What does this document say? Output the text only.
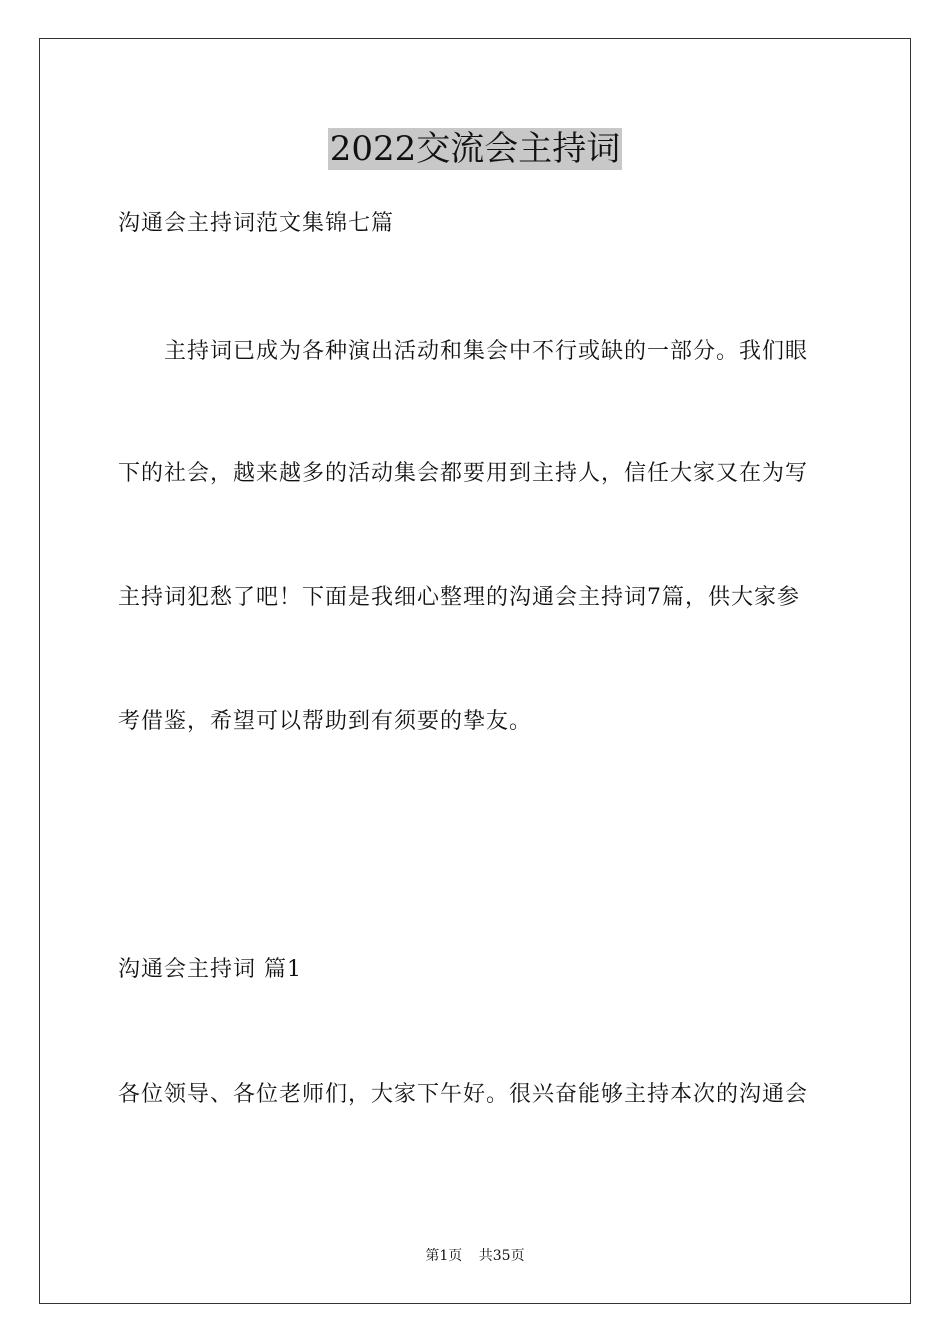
2022交流会主持词
沟通会主持词范文集锦七篇
主持词已成为各种演出活动和集会中不行或缺的一部分。我们眼
下的社会，越来越多的活动集会都要用到主持人，信任大家又在为写
主持词犯愁了吧！下面是我细心整理的沟通会主持词7篇，供大家参
考借鉴，希望可以帮助到有须要的挚友。
沟通会主持词 篇1
各位领导、各位老师们，大家下午好。很兴奋能够主持本次的沟通会
第1页 共35页
